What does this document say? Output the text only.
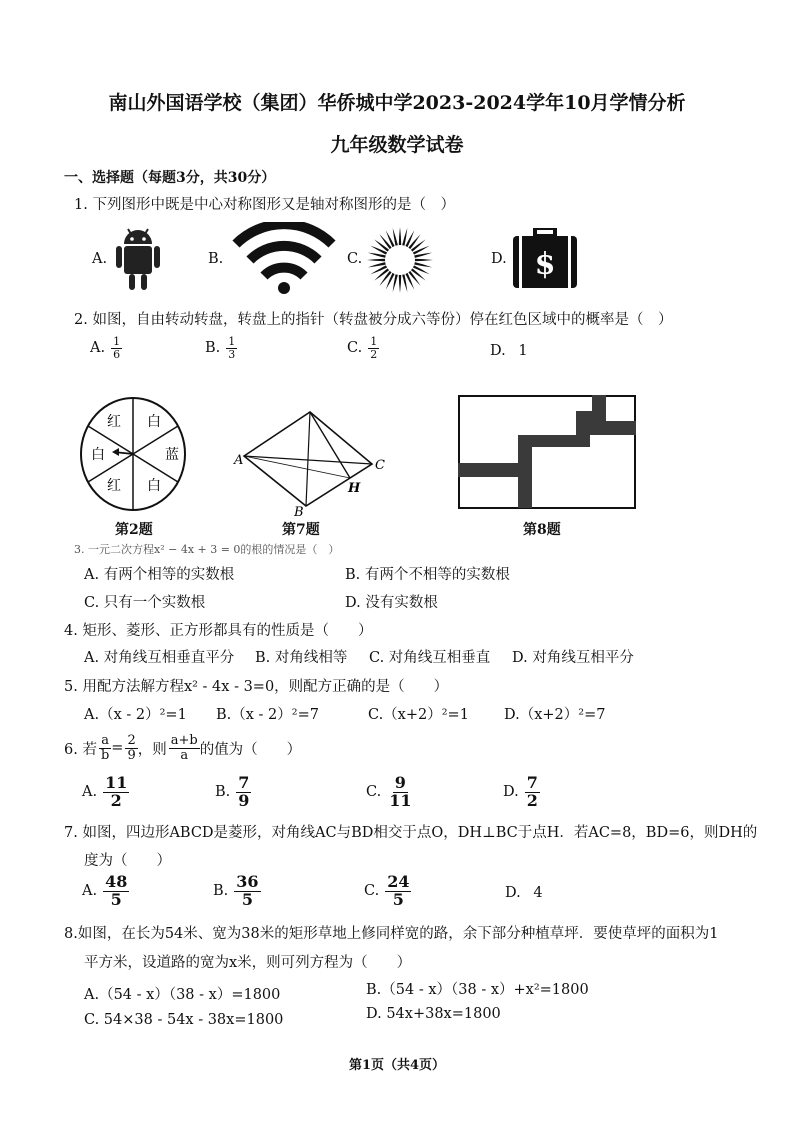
南山外国语学校（集团）华侨城中学2023-2024学年10月学情分析
九年级数学试卷
一、选择题（每题3分，共30分）
1. 下列图形中既是中心对称图形又是轴对称图形的是（　）
A.	B.	C.	D. $
2. 如图，自由转动转盘，转盘上的指针（转盘被分成六等份）停在红色区域中的概率是（　）
A. $\frac{1}{6}$	B. $\frac{1}{3}$	C. $\frac{1}{2}$	D. 1
红 白
蓝
白
红
白
第2题
A
B
C
H
第7题	第8题
3. 一元二次方程x² − 4x + 3 = 0的根的情况是（　）
A. 有两个相等的实数根	B. 有两个不相等的实数根
C. 只有一个实数根	D. 没有实数根
4. 矩形、菱形、正方形都具有的性质是（　　）
A. 对角线互相垂直平分 B. 对角线相等 C. 对角线互相垂直 D. 对角线互相平分
5. 用配方法解方程x² - 4x - 3=0，则配方正确的是（　　）
A.（x - 2）²=1 B.（x - 2）²=7	C.（x+2）²=1 D.（x+2）²=7
6. 若 $\frac{a}{b} = \frac{2}{9}$ ，则 $\frac{a+b}{a}$ 的值为（　　）
A. $\frac{11}{2}$	B. $\frac{7}{9}$	C. $\frac{9}{11}$	D. $\frac{7}{2}$
7. 如图，四边形ABCD是菱形，对角线AC与BD相交于点O，DH⊥BC于点H．若AC=8，BD=6，则DH的
度为（　　）
A. $\frac{48}{5}$	B. $\frac{36}{5}$	C. $\frac{24}{5}$	D. 4
8.如图，在长为54米、宽为38米的矩形草地上修同样宽的路，余下部分种植草坪．要使草坪的面积为1
平方米，设道路的宽为x米，则可列方程为（　　）
A.（54 - x）（38 - x）=1800	B.（54 - x）（38 - x）+x²=1800
C. 54×38 - 54x - 38x=1800	D. 54x+38x=1800
第1页（共4页）
